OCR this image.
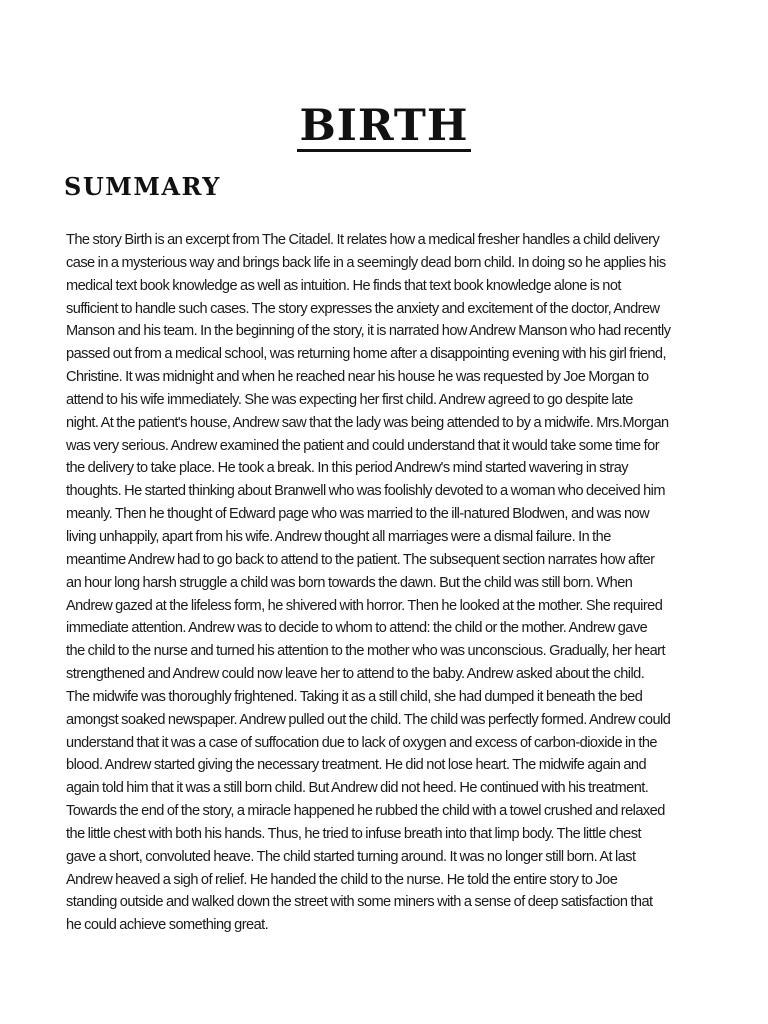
BIRTH
SUMMARY
The story Birth is an excerpt from The Citadel. It relates how a medical fresher handles a child delivery
case in a mysterious way and brings back life in a seemingly dead born child. In doing so he applies his
medical text book knowledge as well as intuition. He finds that text book knowledge alone is not
sufficient to handle such cases. The story expresses the anxiety and excitement of the doctor, Andrew
Manson and his team. In the beginning of the story, it is narrated how Andrew Manson who had recently
passed out from a medical school, was returning home after a disappointing evening with his girl friend,
Christine. It was midnight and when he reached near his house he was requested by Joe Morgan to
attend to his wife immediately. She was expecting her first child. Andrew agreed to go despite late
night. At the patient's house, Andrew saw that the lady was being attended to by a midwife. Mrs.Morgan
was very serious. Andrew examined the patient and could understand that it would take some time for
the delivery to take place. He took a break. In this period Andrew's mind started wavering in stray
thoughts. He started thinking about Branwell who was foolishly devoted to a woman who deceived him
meanly. Then he thought of Edward page who was married to the ill-natured Blodwen, and was now
living unhappily, apart from his wife. Andrew thought all marriages were a dismal failure. In the
meantime Andrew had to go back to attend to the patient. The subsequent section narrates how after
an hour long harsh struggle a child was born towards the dawn. But the child was still born. When
Andrew gazed at the lifeless form, he shivered with horror. Then he looked at the mother. She required
immediate attention. Andrew was to decide to whom to attend: the child or the mother. Andrew gave
the child to the nurse and turned his attention to the mother who was unconscious. Gradually, her heart
strengthened and Andrew could now leave her to attend to the baby. Andrew asked about the child.
The midwife was thoroughly frightened. Taking it as a still child, she had dumped it beneath the bed
amongst soaked newspaper. Andrew pulled out the child. The child was perfectly formed. Andrew could
understand that it was a case of suffocation due to lack of oxygen and excess of carbon-dioxide in the
blood. Andrew started giving the necessary treatment. He did not lose heart. The midwife again and
again told him that it was a still born child. But Andrew did not heed. He continued with his treatment.
Towards the end of the story, a miracle happened he rubbed the child with a towel crushed and relaxed
the little chest with both his hands. Thus, he tried to infuse breath into that limp body. The little chest
gave a short, convoluted heave. The child started turning around. It was no longer still born. At last
Andrew heaved a sigh of relief. He handed the child to the nurse. He told the entire story to Joe
standing outside and walked down the street with some miners with a sense of deep satisfaction that
he could achieve something great.
